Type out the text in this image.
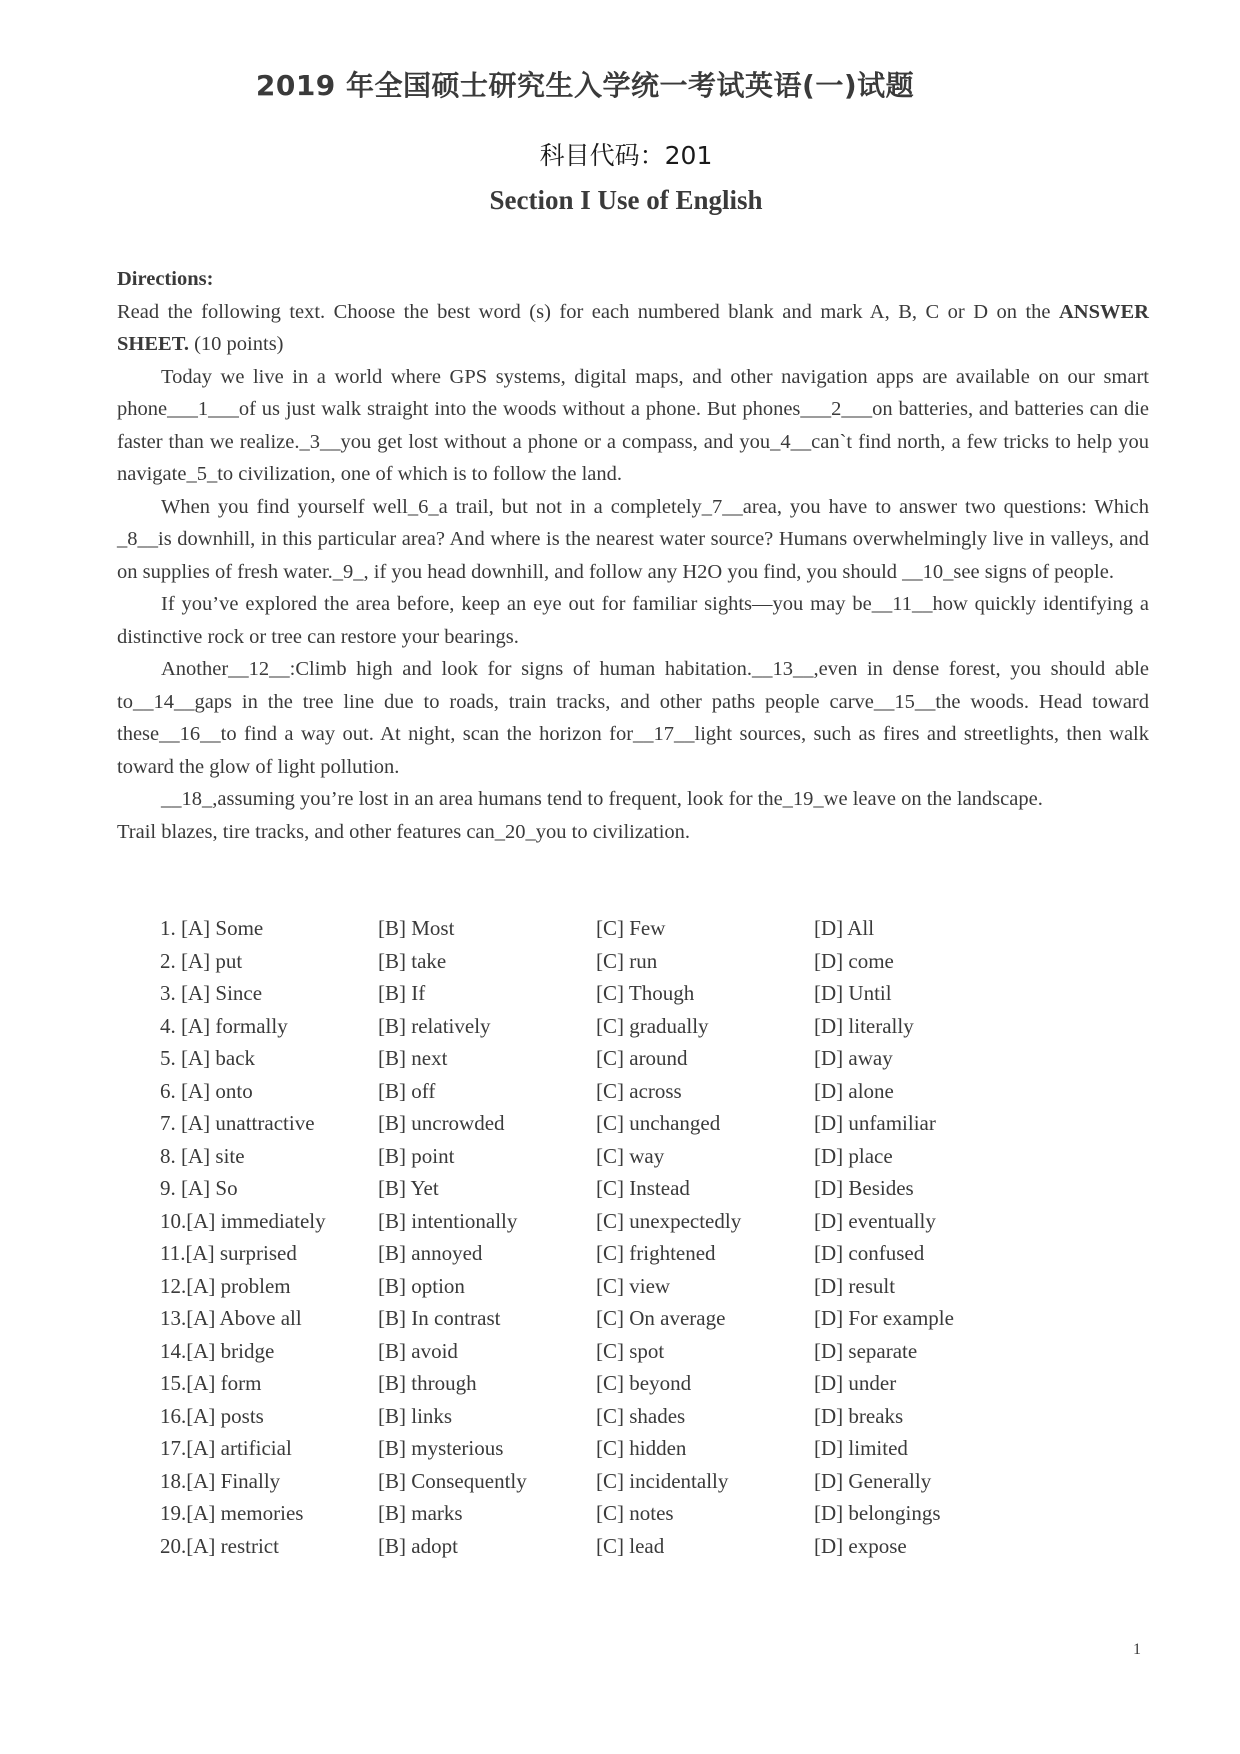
2019 年全国硕士研究生入学统一考试英语(一)试题
科目代码：201
Section I Use of English

Directions:

Read the following text. Choose the best word (s) for each numbered blank and mark A, B, C or D on the ANSWER SHEET. (10 points)

Today we live in a world where GPS systems, digital maps, and other navigation apps are available on our smart phone___1___of us just walk straight into the woods without a phone. But phones___2___on batteries, and batteries can die faster than we realize._3__you get lost without a phone or a compass, and you_4__can`t find north, a few tricks to help you navigate_5_to civilization, one of which is to follow the land.

When you find yourself well_6_a trail, but not in a completely_7__area, you have to answer two questions: Which _8__is downhill, in this particular area? And where is the nearest water source? Humans overwhelmingly live in valleys, and on supplies of fresh water._9_, if you head downhill, and follow any H2O you find, you should __10_see signs of people.

If you’ve explored the area before, keep an eye out for familiar sights—you may be__11__how quickly identifying a distinctive rock or tree can restore your bearings.

Another__12__:Climb high and look for signs of human habitation.__13__,even in dense forest, you should able to__14__gaps in the tree line due to roads, train tracks, and other paths people carve__15__the woods. Head toward these__16__to find a way out. At night, scan the horizon for__17__light sources, such as fires and streetlights, then walk toward the glow of light pollution.

__18_,assuming you’re lost in an area humans tend to frequent, look for the_19_we leave on the landscape.

Trail blazes, tire tracks, and other features can_20_you to civilization.

1. [A] Some	[B] Most	[C] Few	[D] All
2. [A] put	[B] take	[C] run	[D] come
3. [A] Since	[B] If	[C] Though	[D] Until
4. [A] formally	[B] relatively	[C] gradually	[D] literally
5. [A] back	[B] next	[C] around	[D] away
6. [A] onto	[B] off	[C] across	[D] alone
7. [A] unattractive	[B] uncrowded	[C] unchanged	[D] unfamiliar
8. [A] site	[B] point	[C] way	[D] place
9. [A] So	[B] Yet	[C] Instead	[D] Besides
10.[A] immediately [B] intentionally	[C] unexpectedly	[D] eventually
11.[A] surprised	[B] annoyed	[C] frightened	[D] confused
12.[A] problem	[B] option	[C] view	[D] result
13.[A] Above all	[B] In contrast	[C] On average	[D] For example
14.[A] bridge	[B] avoid	[C] spot	[D] separate
15.[A] form	[B] through	[C] beyond	[D] under
16.[A] posts	[B] links	[C] shades	[D] breaks
17.[A] artificial	[B] mysterious	[C] hidden	[D] limited
18.[A] Finally	[B] Consequently	[C] incidentally	[D] Generally
19.[A] memories	[B] marks	[C] notes	[D] belongings
20.[A] restrict	[B] adopt	[C] lead	[D] expose
1
